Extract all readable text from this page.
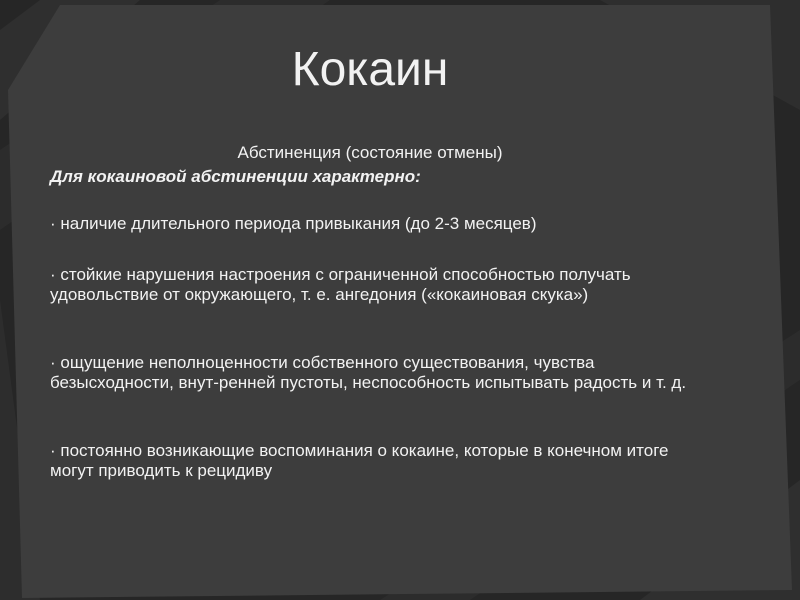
Кокаин

Абстиненция (состояние отмены)

Для кокаиновой абстиненции характерно:

· наличие длительного периода привыкания (до 2-3 месяцев)

· стойкие нарушения настроения с ограниченной способностью получать удовольствие от окружающего, т. е. ангедония («кокаиновая скука»)

· ощущение неполноценности собственного существования, чувства безысходности, внут-ренней пустоты, неспособность испытывать радость и т. д.

· постоянно возникающие воспоминания о кокаине, которые в конечном итоге могут приводить к рецидиву
